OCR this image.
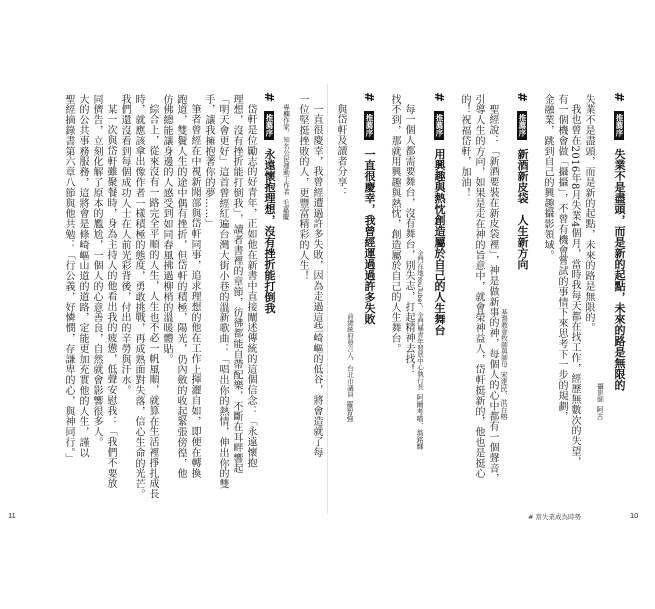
#推薦序失業不是盡頭，而是新的起點，未來的路是無限的
攝影師阿古
失業不是盡頭，而是新的起點，未來的路是無限的。
我也曾在2016年8月失業4個月，當時我每天都在找工作，經歷無數次的失望，
有一個機會做「攝攝」，不曾有機會嘗試的事情下來思考下一步的規劃，
金融業，跳到自己的興趣攝影領域。
#推薦序新酒新皮袋　人生新方向
基督教會牧師與師母宋達民、洪百榕
聖經說：「新酒要裝在新皮袋裡」，神是做新事的神，每個人的心中都有一個聲音，
引導人生的方向，如果是走在神的旨意中，就會榮神益人，岱軒挺新的，他也是挺心
的！祝福岱軒，加油！
#推薦序用興趣與熱忱創造屬於自己的人生舞台
金門在地YouTuber、金門縣青年發展中心執行長阿爾考喵、翁銘輝
每一個人都需要舞台，沒有舞台，別失志，打起精神去找！
找不到，那就用興趣與熱忱，創造屬於自己的人生舞台。
#推薦序一直很慶幸，我曾經運過過許多失敗
前總統府發言人、台北市議員羅智強
與岱軒及讀者分享：
一直很慶幸，我曾經遭過許多失敗，因為走過這些崎嶇的低谷，將會造就了每
一位堅挺挫敗的人，更豐富精彩的人生！
#推薦序永遠懷抱理想，沒有挫折能打倒我 專欄作家、知名公民運動工作者毛嘉慶
岱軒是位勵志的好青年，正如他在新書中直接闡述傳統的這個信念：「永遠懷抱
理想，沒有挫折能打倒我」，讀者書裡的章節，彷彿都能自帶配樂，不斷在耳畔響起
「明天會更好」這首曾經紅遍台灣大街小巷的溫新歌曲：「唱出你的熱情，伸出你的雙
手，讓我擁抱著你的夢……」
筆者曾經在中視新聞部與岱軒同事，追求理想的他在工作上揮灑自如，即便在轉換
跑道，雙鬢人生的途中偶有挫折，但岱軒的積極，陽光，仍內斂的收起緊張傍徨，他
仿佛總能讓身邊的人感受到如同春風拂過柳梢的溫暖體貼。
綜合上，從來沒有一路完全平順的人生，人生也不必一帆風順，就算在生活裡掙扎成長
時，就應該拿出像作者一樣積極的態度，勇敢挑戰，再成熟面對失落，信心生命的光芒。
我們還沒看到每個成功人士在人前光彩背後，付出的辛勞與汗水。
某一次與岱軒雖聚餐時，身為主持人的他看出我的疲憊，低聲安慰我：「我們不要放
同儕告，立刻化解了原本的尷尬，一個人的心意善良，自然就會影響很多人。
大的公共事務服務，這將會是條崎嶇山道的道路，定能更加充實他的人生，謹以
聖經摘錄書第六章八節與他共勉：「行公義，好憐憫，存謙卑的心，與神同行。」
11	# 當失業成為時勢	10
